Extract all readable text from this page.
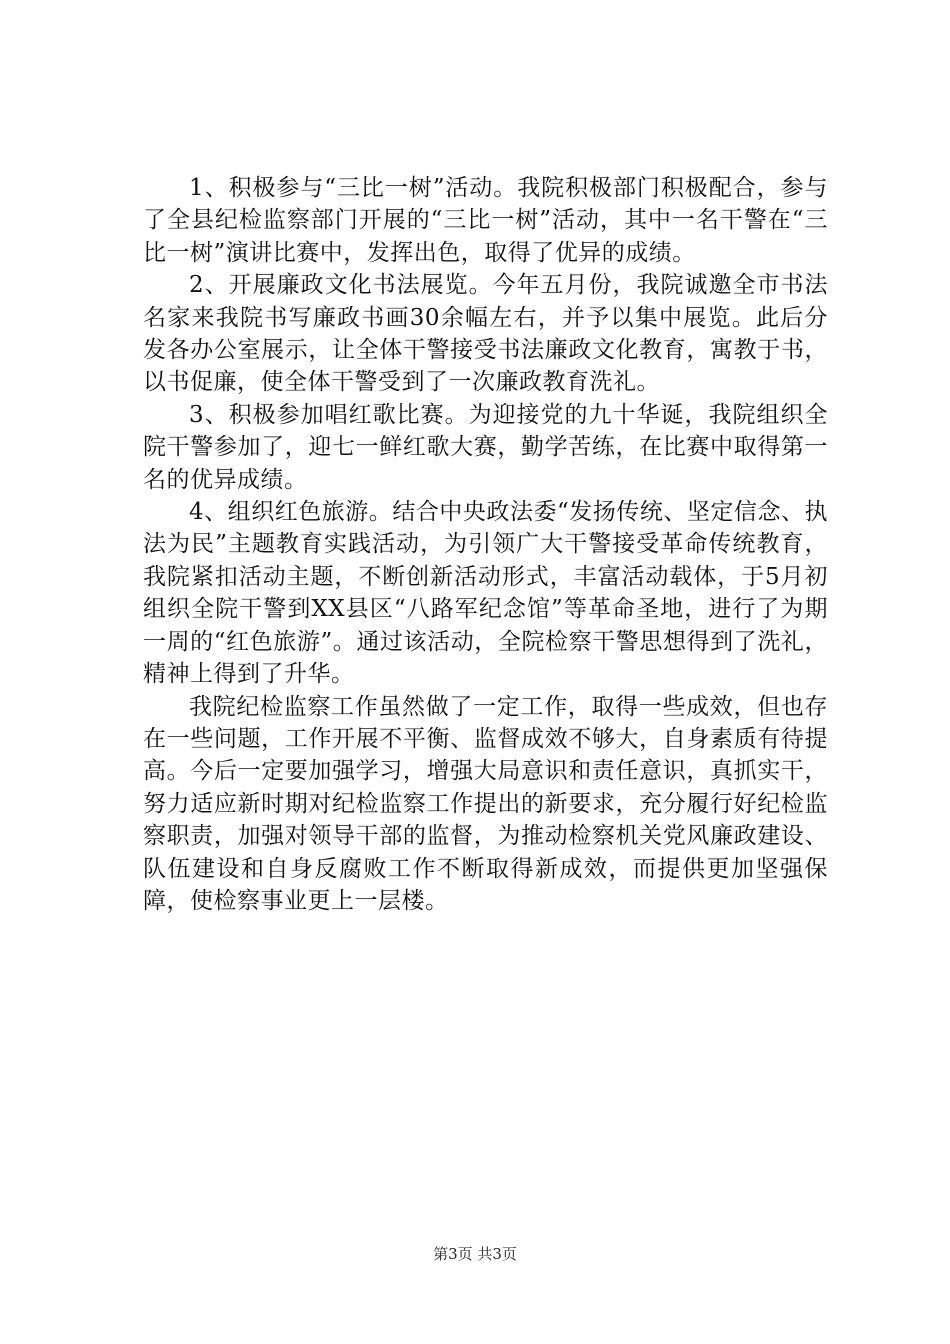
1、积极参与“三比一树”活动。我院积极部门积极配合，参与了全县纪检监察部门开展的“三比一树”活动，其中一名干警在“三比一树”演讲比赛中，发挥出色，取得了优异的成绩。

2、开展廉政文化书法展览。今年五月份，我院诚邀全市书法名家来我院书写廉政书画30余幅左右，并予以集中展览。此后分发各办公室展示，让全体干警接受书法廉政文化教育，寓教于书，以书促廉，使全体干警受到了一次廉政教育洗礼。

3、积极参加唱红歌比赛。为迎接党的九十华诞，我院组织全院干警参加了，迎七一鲜红歌大赛，勤学苦练，在比赛中取得第一名的优异成绩。

4、组织红色旅游。结合中央政法委“发扬传统、坚定信念、执法为民”主题教育实践活动，为引领广大干警接受革命传统教育，我院紧扣活动主题，不断创新活动形式，丰富活动载体，于5月初组织全院干警到XX县区“八路军纪念馆”等革命圣地，进行了为期一周的“红色旅游”。通过该活动，全院检察干警思想得到了洗礼，精神上得到了升华。

我院纪检监察工作虽然做了一定工作，取得一些成效，但也存在一些问题，工作开展不平衡、监督成效不够大，自身素质有待提高。今后一定要加强学习，增强大局意识和责任意识，真抓实干，努力适应新时期对纪检监察工作提出的新要求，充分履行好纪检监察职责，加强对领导干部的监督，为推动检察机关党风廉政建设、队伍建设和自身反腐败工作不断取得新成效，而提供更加坚强保障，使检察事业更上一层楼。

第3页 共3页
